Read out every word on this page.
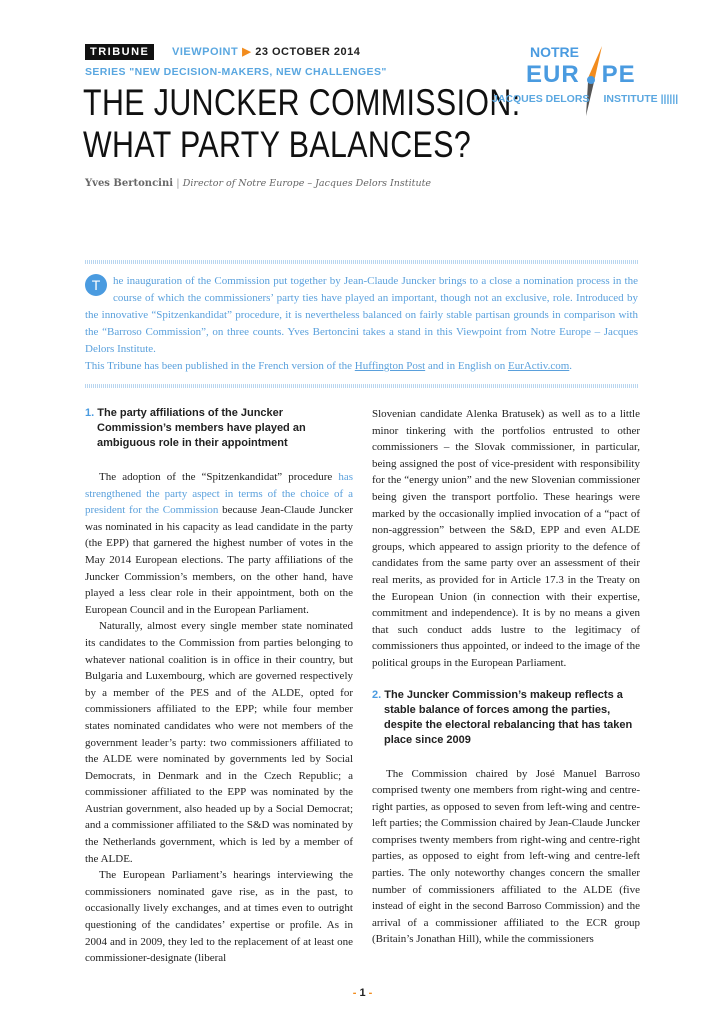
TRIBUNE	VIEWPOINT ▶ 23 OCTOBER 2014
SERIES "NEW DECISION-MAKERS, NEW CHALLENGES"
THE JUNCKER COMMISSION:
WHAT PARTY BALANCES?
Yves Bertoncini | Director of Notre Europe – Jacques Delors Institute
NOTRE
EUR PE
JACQUES DELORS INSTITUTE ||||||
T	he inauguration of the Commission put together by Jean-Claude Juncker brings to a close a nomination process in the course of which the commissioners’ party ties have played an important, though not an exclusive, role. Introduced by the innovative “Spitzenkandidat” procedure, it is nevertheless balanced on fairly stable partisan grounds in comparison with the “Barroso Commission”, on three counts. Yves Bertoncini takes a stand in this Viewpoint from Notre Europe – Jacques Delors Institute.
This Tribune has been published in the French version of the Huffington Post and in English on EurActiv.com.
1. The party affiliations of the Juncker Commission’s members have played an ambiguous role in their appointment

The adoption of the “Spitzenkandidat” procedure has strengthened the party aspect in terms of the choice of a president for the Commission because Jean-Claude Juncker was nominated in his capacity as lead candidate in the party (the EPP) that garnered the highest number of votes in the May 2014 European elections. The party affiliations of the Juncker Commission’s members, on the other hand, have played a less clear role in their appointment, both on the European Council and in the European Parliament.

Naturally, almost every single member state nominated its candidates to the Commission from parties belonging to whatever national coalition is in office in their country, but Bulgaria and Luxembourg, which are governed respectively by a member of the PES and of the ALDE, opted for commissioners affiliated to the EPP; while four member states nominated candidates who were not members of the government leader’s party: two commissioners affiliated to the ALDE were nominated by governments led by Social Democrats, in Denmark and in the Czech Republic; a commissioner affiliated to the EPP was nominated by the Austrian government, also headed up by a Social Democrat; and a commissioner affiliated to the S&D was nominated by the Netherlands government, which is led by a member of the ALDE.

The European Parliament’s hearings interviewing the commissioners nominated gave rise, as in the past, to occasionally lively exchanges, and at times even to outright questioning of the candidates’ expertise or profile. As in 2004 and in 2009, they led to the replacement of at least one commissioner-designate (liberal

Slovenian candidate Alenka Bratusek) as well as to a little minor tinkering with the portfolios entrusted to other commissioners – the Slovak commissioner, in particular, being assigned the post of vice-president with responsibility for the “energy union” and the new Slovenian commissioner being given the transport portfolio. These hearings were marked by the occasionally implied invocation of a “pact of non-aggression” between the S&D, EPP and even ALDE groups, which appeared to assign priority to the defence of candidates from the same party over an assessment of their real merits, as provided for in Article 17.3 in the Treaty on the European Union (in connection with their expertise, commitment and independence). It is by no means a given that such conduct adds lustre to the legitimacy of commissioners thus appointed, or indeed to the image of the political groups in the European Parliament.

2. The Juncker Commission’s makeup reflects a stable balance of forces among the parties, despite the electoral rebalancing that has taken place since 2009

The Commission chaired by José Manuel Barroso comprised twenty one members from right-wing and centre-right parties, as opposed to seven from left-wing and centre-left parties; the Commission chaired by Jean-Claude Juncker comprises twenty members from right-wing and centre-right parties, as opposed to eight from left-wing and centre-left parties. The only noteworthy changes concern the smaller number of commissioners affiliated to the ALDE (five instead of eight in the second Barroso Commission) and the arrival of a commissioner affiliated to the ECR group (Britain’s Jonathan Hill), while the commissioners

- 1 -
